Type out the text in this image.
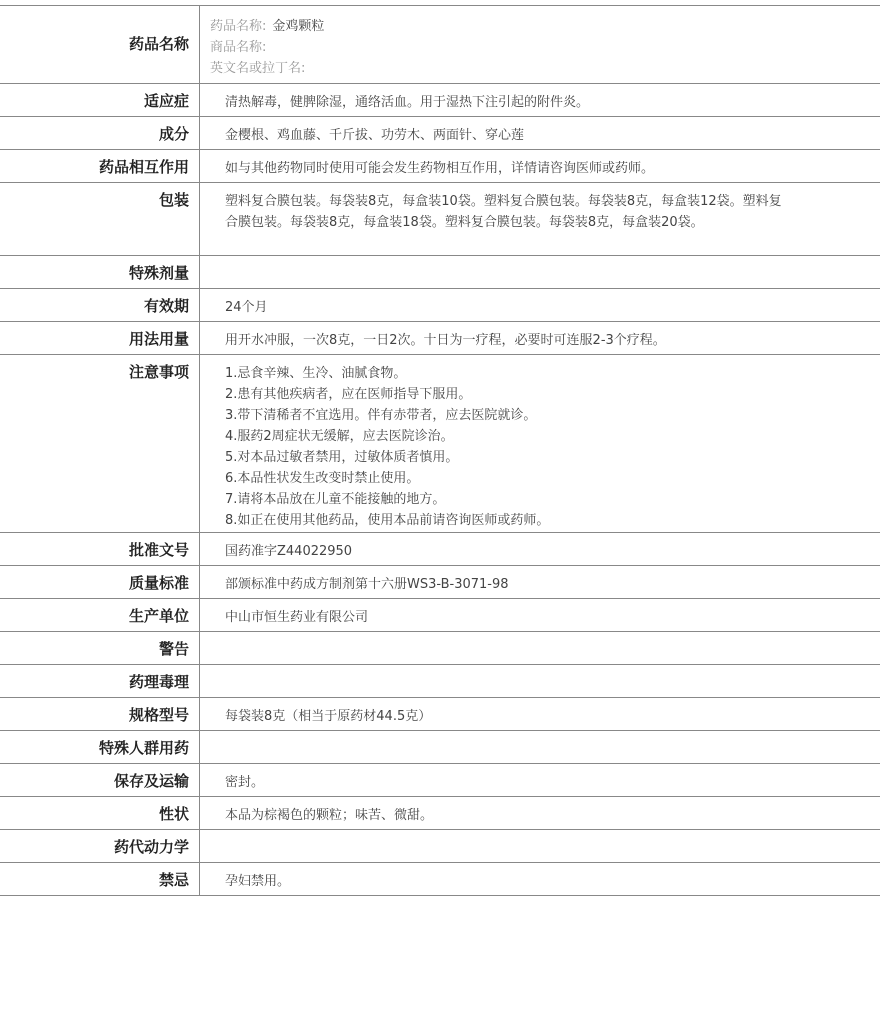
药品名称
药品名称: 金鸡颗粒
商品名称:
英文名或拉丁名:
适应症	清热解毒，健脾除湿，通络活血。用于湿热下注引起的附件炎。
成分	金樱根、鸡血藤、千斤拔、功劳木、两面针、穿心莲
药品相互作用	如与其他药物同时使用可能会发生药物相互作用，详情请咨询医师或药师。
包装	塑料复合膜包装。每袋装8克，每盒装10袋。塑料复合膜包装。每袋装8克，每盒装12袋。塑料复合膜包装。每袋装8克，每盒装18袋。塑料复合膜包装。每袋装8克，每盒装20袋。
特殊剂量
有效期	24个月
用法用量	用开水冲服，一次8克，一日2次。十日为一疗程，必要时可连服2-3个疗程。
注意事项	1.忌食辛辣、生冷、油腻食物。
2.患有其他疾病者，应在医师指导下服用。
3.带下清稀者不宜选用。伴有赤带者，应去医院就诊。
4.服药2周症状无缓解，应去医院诊治。
5.对本品过敏者禁用，过敏体质者慎用。
6.本品性状发生改变时禁止使用。
7.请将本品放在儿童不能接触的地方。
8.如正在使用其他药品，使用本品前请咨询医师或药师。
批准文号	国药准字Z44022950
质量标准	部颁标准中药成方制剂第十六册WS3-B-3071-98
生产单位	中山市恒生药业有限公司
警告
药理毒理
规格型号	每袋装8克（相当于原药材44.5克）
特殊人群用药
保存及运输	密封。
性状	本品为棕褐色的颗粒；味苦、微甜。
药代动力学
禁忌	孕妇禁用。
